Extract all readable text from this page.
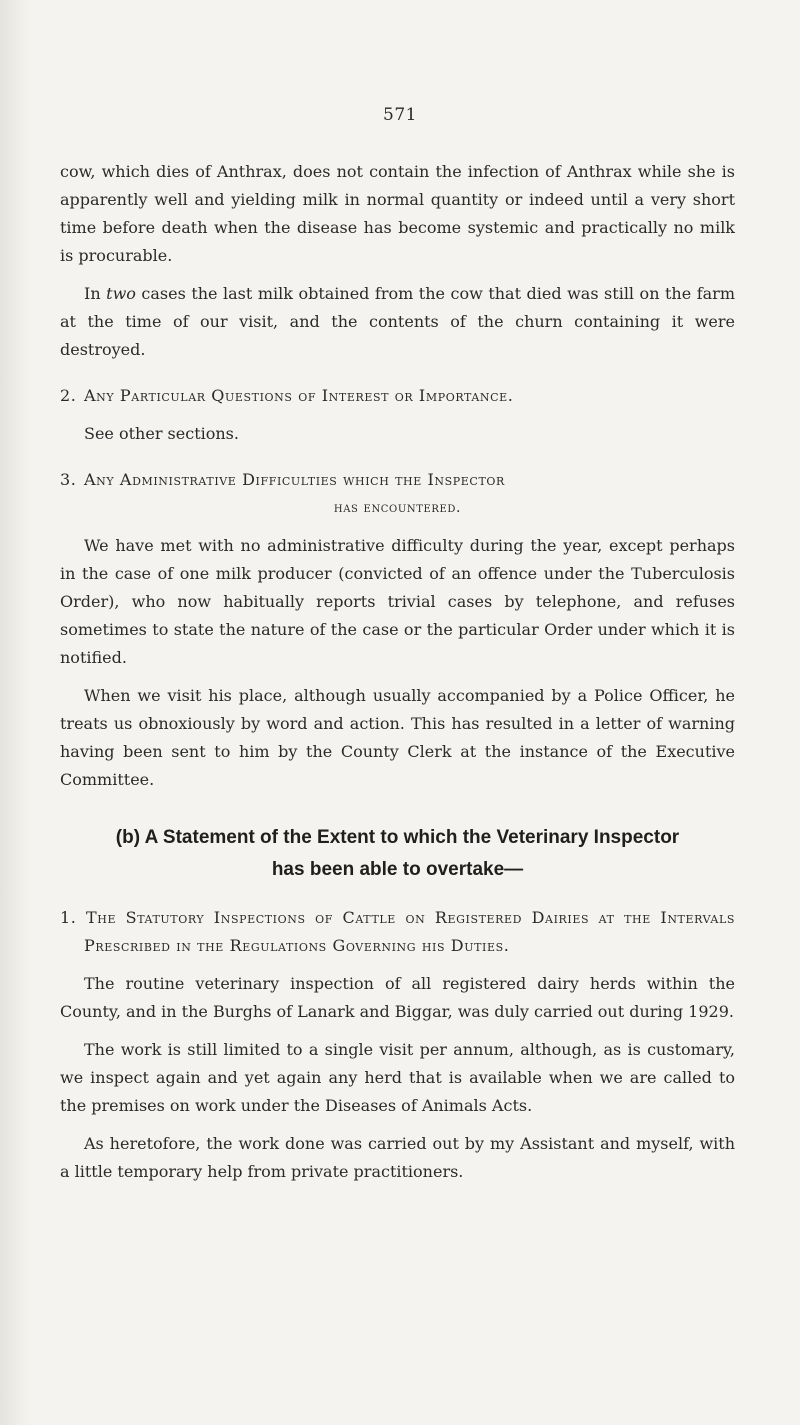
571

cow, which dies of Anthrax, does not contain the infection of Anthrax while she is apparently well and yielding milk in normal quantity or indeed until a very short time before death when the disease has become systemic and practically no milk is procurable.

In two cases the last milk obtained from the cow that died was still on the farm at the time of our visit, and the contents of the churn containing it were destroyed.

2. Any Particular Questions of Interest or Importance.

See other sections.

3. Any Administrative Difficulties which the Inspector

has encountered.

We have met with no administrative difficulty during the year, except perhaps in the case of one milk producer (convicted of an offence under the Tuberculosis Order), who now habitually reports trivial cases by telephone, and refuses sometimes to state the nature of the case or the particular Order under which it is notified.

When we visit his place, although usually accompanied by a Police Officer, he treats us obnoxiously by word and action. This has resulted in a letter of warning having been sent to him by the County Clerk at the instance of the Executive Committee.

(b) A Statement of the Extent to which the Veterinary Inspector has been able to overtake—

1. The Statutory Inspections of Cattle on Registered Dairies at the Intervals Prescribed in the Regulations Governing his Duties.

The routine veterinary inspection of all registered dairy herds within the County, and in the Burghs of Lanark and Biggar, was duly carried out during 1929.

The work is still limited to a single visit per annum, although, as is customary, we inspect again and yet again any herd that is available when we are called to the premises on work under the Diseases of Animals Acts.

As heretofore, the work done was carried out by my Assistant and myself, with a little temporary help from private practitioners.
